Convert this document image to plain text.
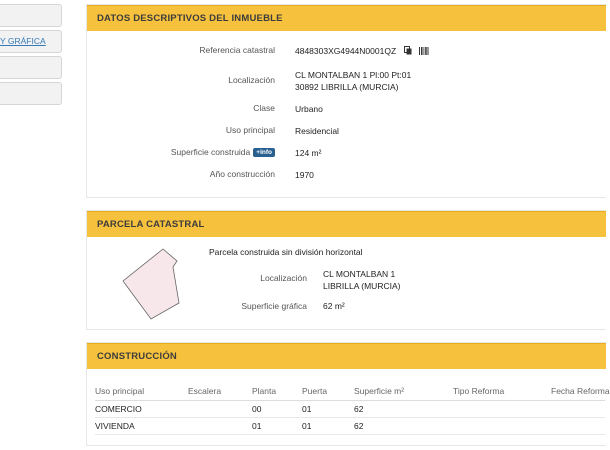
Y GRÁFICA
DATOS DESCRIPTIVOS DEL INMUEBLE
Referencia catastral 4848303XG4944N0001QZ
Localización CL MONTALBAN 1 Pl:00 Pt:01
30892 LIBRILLA (MURCIA)
Clase Urbano
Uso principal Residencial
Superficie construida +Info	124 m²
Año construcción 1970
PARCELA CATASTRAL
Parcela construida sin división horizontal
Localización CL MONTALBAN 1
LIBRILLA (MURCIA)
Superficie gráfica 62 m²
CONSTRUCCIÓN
Uso principal	Escalera	Planta	Puerta	Superficie m²	Tipo Reforma	Fecha Reforma
COMERCIO		00	01	62		
VIVIENDA		01	01	62		
